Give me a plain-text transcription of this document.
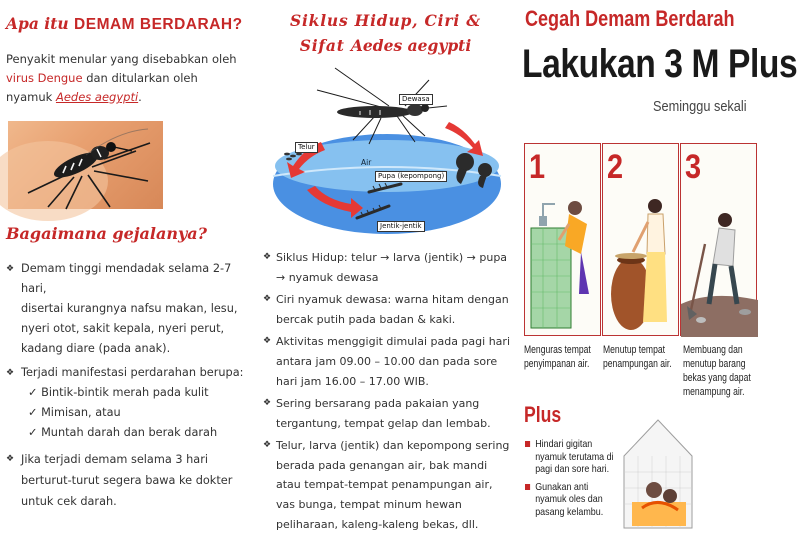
Apa itu DEMAM BERDARAH?

Penyakit menular yang disebabkan oleh
virus Dengue dan ditularkan oleh
nyamuk Aedes aegypti.

Bagaimana gejalanya?
❖ Demam tinggi mendadak selama 2-7 hari,
disertai kurangnya nafsu makan, lesu, nyeri otot, sakit kepala, nyeri perut, kadang diare (pada anak).
❖ Terjadi manifestasi perdarahan berupa:
✓ Bintik-bintik merah pada kulit
✓ Mimisan, atau
✓ Muntah darah dan berak darah
❖ Jika terjadi demam selama 3 hari berturut-turut segera bawa ke dokter untuk cek darah.
Siklus Hidup, Ciri &
Sifat Aedes aegypti
Dewasa
Telur
Air
Pupa (kepompong)
Jentik-jentik
❖ Siklus Hidup: telur → larva (jentik) → pupa → nyamuk dewasa
❖ Ciri nyamuk dewasa: warna hitam dengan bercak putih pada badan & kaki.
❖ Aktivitas menggigit dimulai pada pagi hari antara jam 09.00 – 10.00 dan pada sore hari jam 16.00 – 17.00 WIB.
❖ Sering bersarang pada pakaian yang tergantung, tempat gelap dan lembab.
❖ Telur, larva (jentik) dan kepompong sering berada pada genangan air, bak mandi atau tempat-tempat penampungan air, vas bunga, tempat minum hewan peliharaan, kaleng-kaleng bekas, dll.
Cegah Demam Berdarah
Lakukan 3 M Plus
Seminggu sekali
1 2 3
Menguras tempat penyimpanan air.
Menutup tempat penampungan air.
Membuang dan menutup barang bekas yang dapat menampung air.
Plus
Hindari gigitan nyamuk terutama di pagi dan sore hari.
Gunakan anti nyamuk oles dan pasang kelambu.
